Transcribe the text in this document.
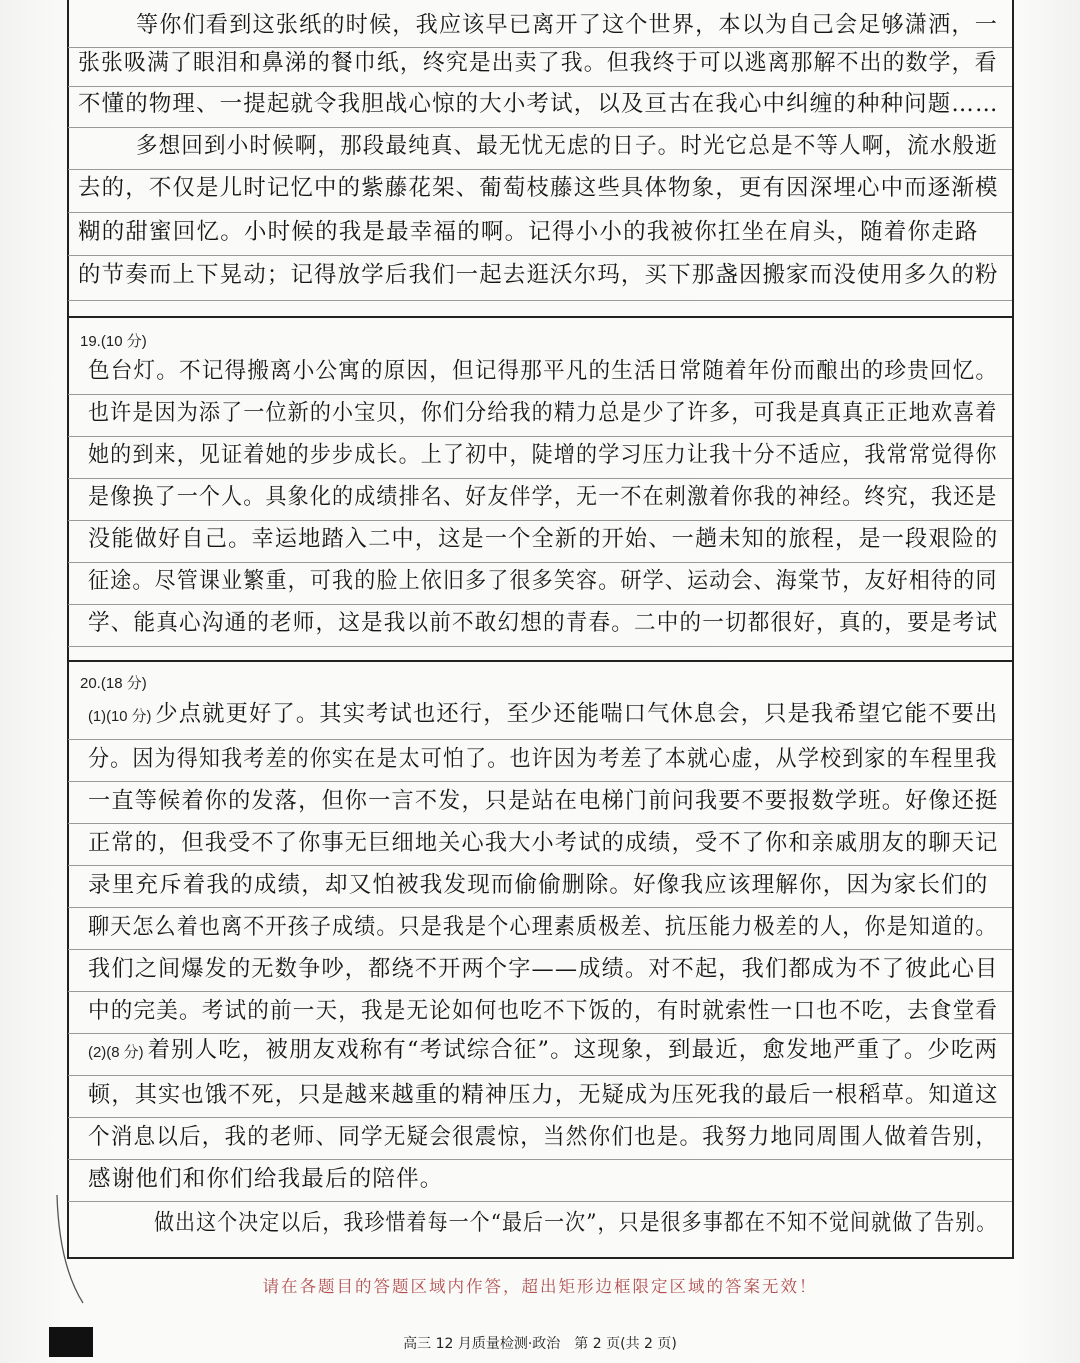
等你们看到这张纸的时候，我应该早已离开了这个世界，本以为自己会足够潇洒，一
张张吸满了眼泪和鼻涕的餐巾纸，终究是出卖了我。但我终于可以逃离那解不出的数学，看
不懂的物理、一提起就令我胆战心惊的大小考试，以及亘古在我心中纠缠的种种问题……
多想回到小时候啊，那段最纯真、最无忧无虑的日子。时光它总是不等人啊，流水般逝
去的，不仅是儿时记忆中的紫藤花架、葡萄枝藤这些具体物象，更有因深埋心中而逐渐模
糊的甜蜜回忆。小时候的我是最幸福的啊。记得小小的我被你扛坐在肩头，随着你走路
的节奏而上下晃动；记得放学后我们一起去逛沃尔玛，买下那盏因搬家而没使用多久的粉
19.(10 分)
色台灯。不记得搬离小公寓的原因，但记得那平凡的生活日常随着年份而酿出的珍贵回忆。
也许是因为添了一位新的小宝贝，你们分给我的精力总是少了许多，可我是真真正正地欢喜着
她的到来，见证着她的步步成长。上了初中，陡增的学习压力让我十分不适应，我常常觉得你
是像换了一个人。具象化的成绩排名、好友伴学，无一不在刺激着你我的神经。终究，我还是
没能做好自己。幸运地踏入二中，这是一个全新的开始、一趟未知的旅程，是一段艰险的
征途。尽管课业繁重，可我的脸上依旧多了很多笑容。研学、运动会、海棠节，友好相待的同
学、能真心沟通的老师，这是我以前不敢幻想的青春。二中的一切都很好，真的，要是考试
20.(18 分)
(1)(10 分) 少点就更好了。其实考试也还行，至少还能喘口气休息会，只是我希望它能不要出
分。因为得知我考差的你实在是太可怕了。也许因为考差了本就心虚，从学校到家的车程里我
一直等候着你的发落，但你一言不发，只是站在电梯门前问我要不要报数学班。好像还挺
正常的，但我受不了你事无巨细地关心我大小考试的成绩，受不了你和亲戚朋友的聊天记
录里充斥着我的成绩，却又怕被我发现而偷偷删除。好像我应该理解你，因为家长们的
聊天怎么着也离不开孩子成绩。只是我是个心理素质极差、抗压能力极差的人，你是知道的。
我们之间爆发的无数争吵，都绕不开两个字——成绩。对不起，我们都成为不了彼此心目
中的完美。考试的前一天，我是无论如何也吃不下饭的，有时就索性一口也不吃，去食堂看
(2)(8 分) 着别人吃，被朋友戏称有“考试综合征”。这现象，到最近，愈发地严重了。少吃两
顿，其实也饿不死，只是越来越重的精神压力，无疑成为压死我的最后一根稻草。知道这
个消息以后，我的老师、同学无疑会很震惊，当然你们也是。我努力地同周围人做着告别，
感谢他们和你们给我最后的陪伴。
做出这个决定以后，我珍惜着每一个“最后一次”，只是很多事都在不知不觉间就做了告别。
请在各题目的答题区域内作答，超出矩形边框限定区域的答案无效！
高三 12 月质量检测·政治　第 2 页(共 2 页)
